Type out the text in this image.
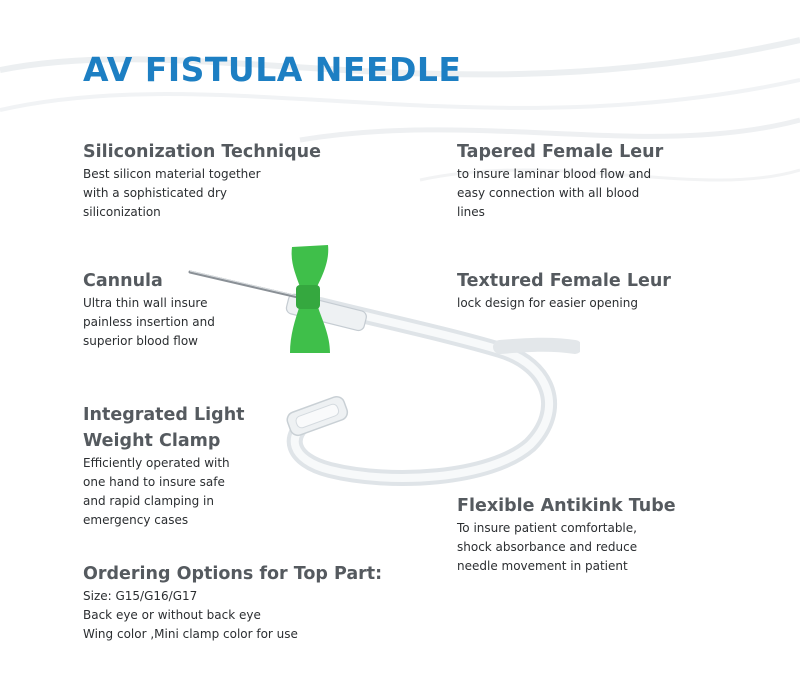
AV FISTULA NEEDLE

Siliconization Technique

Best silicon material together
with a sophisticated dry
siliconization

Cannula

Ultra thin wall insure
painless insertion and
superior blood flow

Integrated Light
Weight Clamp

Efficiently operated with
one hand to insure safe
and rapid clamping in
emergency cases

Ordering Options for Top Part:

Size: G15/G16/G17
Back eye or without back eye
Wing color ,Mini clamp color for use

Tapered Female Leur

to insure laminar blood flow and
easy connection with all blood
lines

Textured Female Leur

lock design for easier opening

Flexible Antikink Tube

To insure patient comfortable,
shock absorbance and reduce
needle movement in patient
